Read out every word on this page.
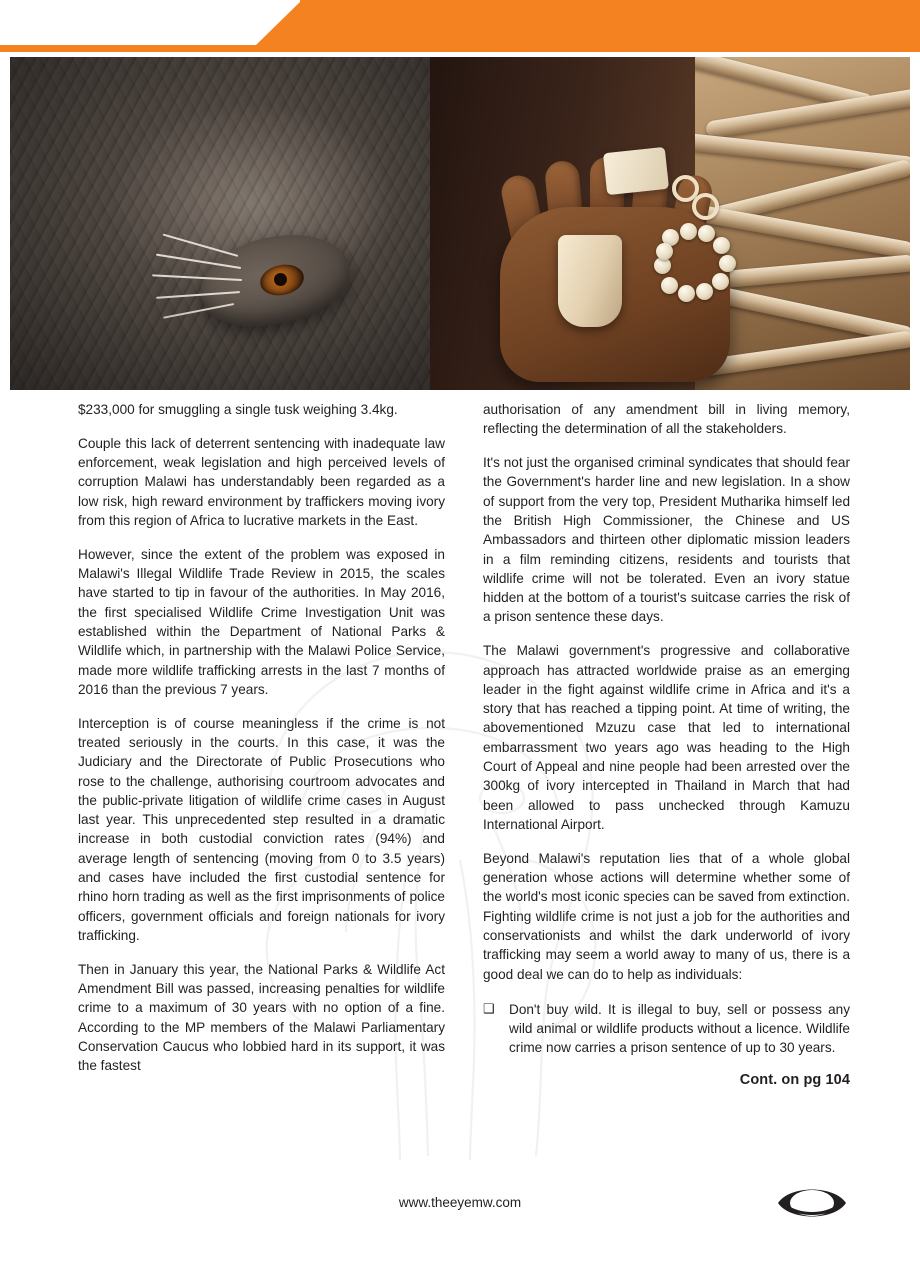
$233,000 for smuggling a single tusk weighing 3.4kg.

Couple this lack of deterrent sentencing with inadequate law enforcement, weak legislation and high perceived levels of corruption Malawi has understandably been regarded as a low risk, high reward environment by traffickers moving ivory from this region of Africa to lucrative markets in the East.

However, since the extent of the problem was exposed in Malawi's Illegal Wildlife Trade Review in 2015, the scales have started to tip in favour of the authorities. In May 2016, the first specialised Wildlife Crime Investigation Unit was established within the Department of National Parks & Wildlife which, in partnership with the Malawi Police Service, made more wildlife trafficking arrests in the last 7 months of 2016 than the previous 7 years.

Interception is of course meaningless if the crime is not treated seriously in the courts. In this case, it was the Judiciary and the Directorate of Public Prosecutions who rose to the challenge, authorising courtroom advocates and the public-private litigation of wildlife crime cases in August last year. This unprecedented step resulted in a dramatic increase in both custodial conviction rates (94%) and average length of sentencing (moving from 0 to 3.5 years) and cases have included the first custodial sentence for rhino horn trading as well as the first imprisonments of police officers, government officials and foreign nationals for ivory trafficking.

Then in January this year, the National Parks & Wildlife Act Amendment Bill was passed, increasing penalties for wildlife crime to a maximum of 30 years with no option of a fine. According to the MP members of the Malawi Parliamentary Conservation Caucus who lobbied hard in its support, it was the fastest

authorisation of any amendment bill in living memory, reflecting the determination of all the stakeholders.

It's not just the organised criminal syndicates that should fear the Government's harder line and new legislation. In a show of support from the very top, President Mutharika himself led the British High Commissioner, the Chinese and US Ambassadors and thirteen other diplomatic mission leaders in a film reminding citizens, residents and tourists that wildlife crime will not be tolerated. Even an ivory statue hidden at the bottom of a tourist's suitcase carries the risk of a prison sentence these days.

The Malawi government's progressive and collaborative approach has attracted worldwide praise as an emerging leader in the fight against wildlife crime in Africa and it's a story that has reached a tipping point. At time of writing, the abovementioned Mzuzu case that led to international embarrassment two years ago was heading to the High Court of Appeal and nine people had been arrested over the 300kg of ivory intercepted in Thailand in March that had been allowed to pass unchecked through Kamuzu International Airport.

Beyond Malawi's reputation lies that of a whole global generation whose actions will determine whether some of the world's most iconic species can be saved from extinction. Fighting wildlife crime is not just a job for the authorities and conservationists and whilst the dark underworld of ivory trafficking may seem a world away to many of us, there is a good deal we can do to help as individuals:

❑ Don't buy wild. It is illegal to buy, sell or possess any wild animal or wildlife products without a licence. Wildlife crime now carries a prison sentence of up to 30 years.
Cont. on pg 104
www.theeyemw.com	43
